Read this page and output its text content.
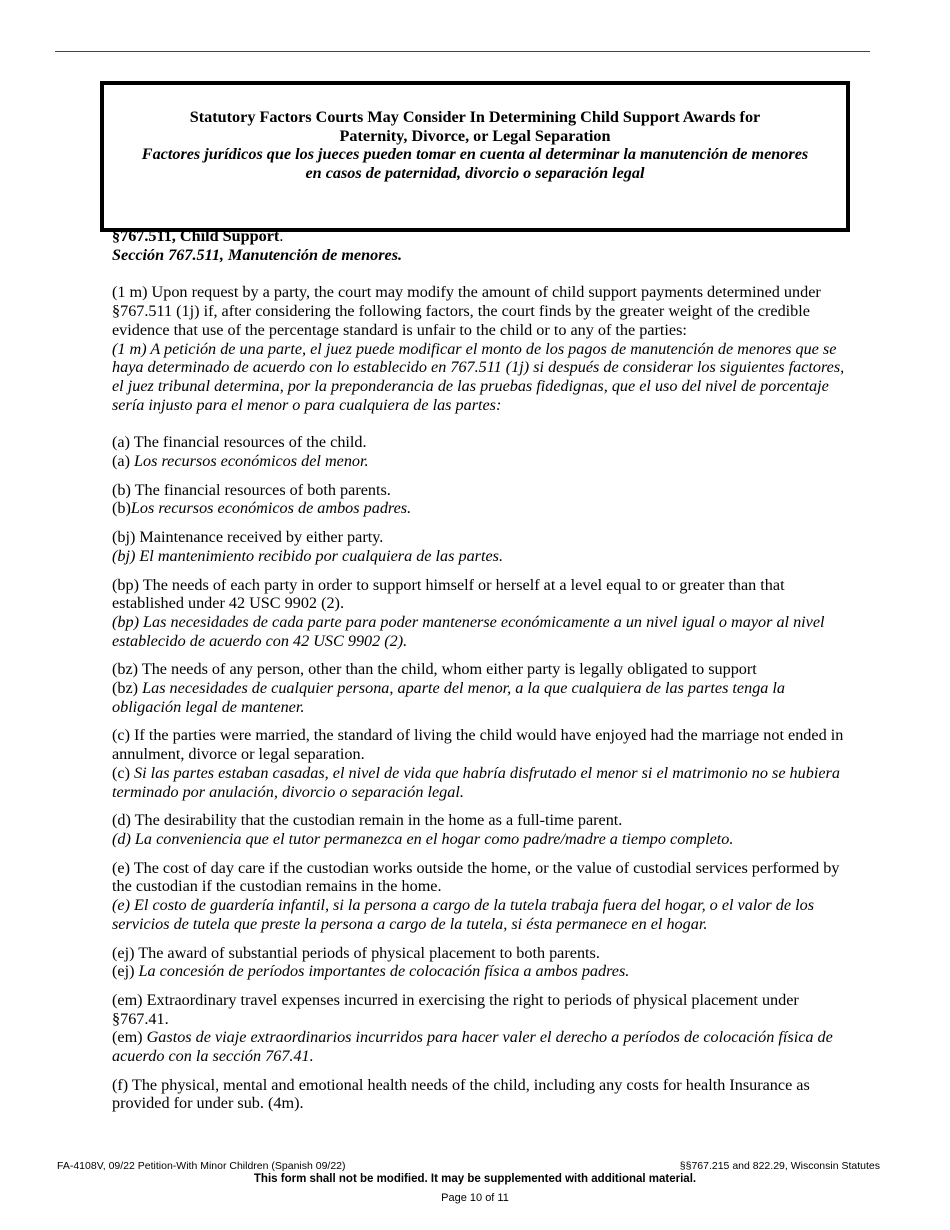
Statutory Factors Courts May Consider In Determining Child Support Awards for
Paternity, Divorce, or Legal Separation
Factores jurídicos que los jueces pueden tomar en cuenta al determinar la manutención de menores
en casos de paternidad, divorcio o separación legal

§767.511, Child Support.

Sección 767.511, Manutención de menores.

(1 m) Upon request by a party, the court may modify the amount of child support payments determined under §767.511 (1j) if, after considering the following factors, the court finds by the greater weight of the credible evidence that use of the percentage standard is unfair to the child or to any of the parties:

(1 m) A petición de una parte, el juez puede modificar el monto de los pagos de manutención de menores que se haya determinado de acuerdo con lo establecido en 767.511 (1j) si después de considerar los siguientes factores, el juez tribunal determina, por la preponderancia de las pruebas fidedignas, que el uso del nivel de porcentaje sería injusto para el menor o para cualquiera de las partes:

(a) The financial resources of the child.

(a) Los recursos económicos del menor.

(b) The financial resources of both parents.

(b)Los recursos económicos de ambos padres.

(bj) Maintenance received by either party.

(bj) El mantenimiento recibido por cualquiera de las partes.

(bp) The needs of each party in order to support himself or herself at a level equal to or greater than that established under 42 USC 9902 (2).

(bp) Las necesidades de cada parte para poder mantenerse económicamente a un nivel igual o mayor al nivel establecido de acuerdo con 42 USC 9902 (2).

(bz) The needs of any person, other than the child, whom either party is legally obligated to support

(bz) Las necesidades de cualquier persona, aparte del menor, a la que cualquiera de las partes tenga la obligación legal de mantener.

(c) If the parties were married, the standard of living the child would have enjoyed had the marriage not ended in annulment, divorce or legal separation.

(c) Si las partes estaban casadas, el nivel de vida que habría disfrutado el menor si el matrimonio no se hubiera terminado por anulación, divorcio o separación legal.

(d) The desirability that the custodian remain in the home as a full-time parent.

(d) La conveniencia que el tutor permanezca en el hogar como padre/madre a tiempo completo.

(e) The cost of day care if the custodian works outside the home, or the value of custodial services performed by the custodian if the custodian remains in the home.

(e) El costo de guardería infantil, si la persona a cargo de la tutela trabaja fuera del hogar, o el valor de los servicios de tutela que preste la persona a cargo de la tutela, si ésta permanece en el hogar.

(ej) The award of substantial periods of physical placement to both parents.

(ej) La concesión de períodos importantes de colocación física a ambos padres.

(em) Extraordinary travel expenses incurred in exercising the right to periods of physical placement under §767.41.

(em) Gastos de viaje extraordinarios incurridos para hacer valer el derecho a períodos de colocación física de acuerdo con la sección 767.41.

(f) The physical, mental and emotional health needs of the child, including any costs for health Insurance as provided for under sub. (4m).

FA-4108V, 09/22 Petition-With Minor Children (Spanish 09/22)	§§767.215 and 822.29, Wisconsin Statutes
This form shall not be modified. It may be supplemented with additional material.
Page 10 of 11
